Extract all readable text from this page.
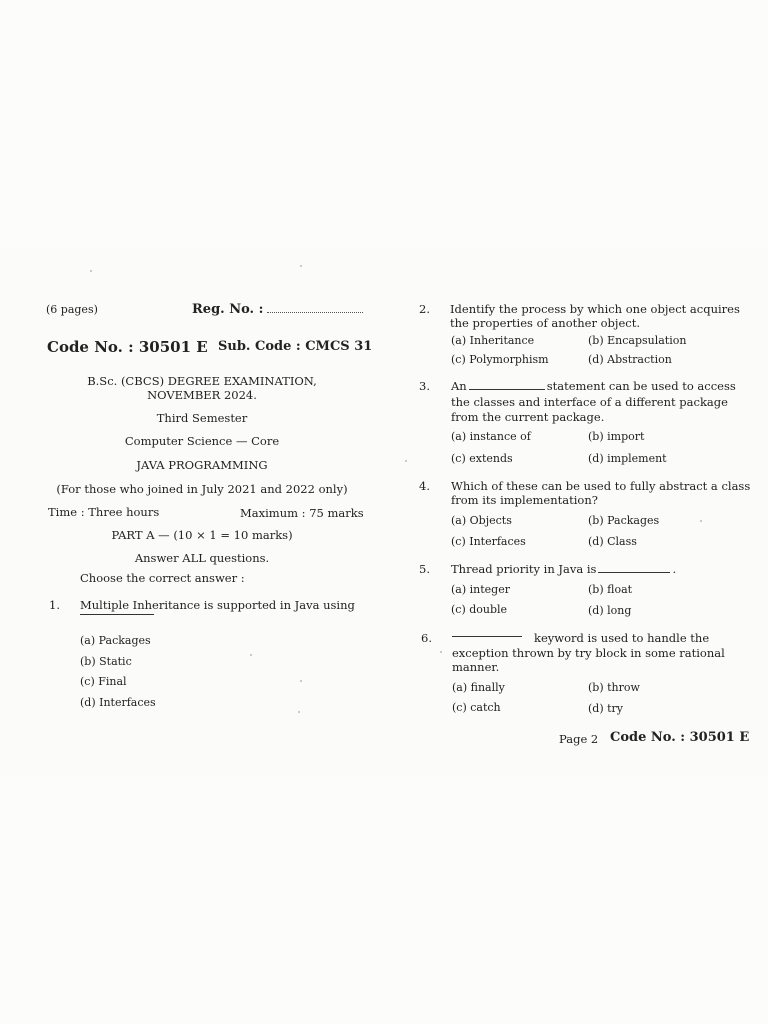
(6 pages)	Reg. No. :
Code No. : 30501 E Sub. Code : CMCS 31
B.Sc. (CBCS) DEGREE EXAMINATION,
NOVEMBER 2024.
Third Semester
Computer Science — Core
JAVA PROGRAMMING
(For those who joined in July 2021 and 2022 only)
Time : Three hours	Maximum : 75 marks
PART A — (10 × 1 = 10 marks)
Answer ALL questions.
Choose the correct answer :
1. Multiple Inheritance is supported in Java using
(a) Packages
(b) Static
(c) Final
(d) Interfaces
2. Identify the process by which one object acquires
the properties of another object.
(a) Inheritance	(b) Encapsulation
(c) Polymorphism	(d) Abstraction
3. An	statement can be used to access
the classes and interface of a different package
from the current package.
(a) instance of	(b) import
(c) extends	(d) implement
4. Which of these can be used to fully abstract a class
from its implementation?
(a) Objects	(b) Packages
(c) Interfaces	(d) Class
5. Thread priority in Java is	.
(a) integer	(b) float
(c) double	(d) long
6.	keyword is used to handle the
exception thrown by try block in some rational
manner.
(a) finally	(b) throw
(c) catch	(d) try
Page 2 Code No. : 30501 E
